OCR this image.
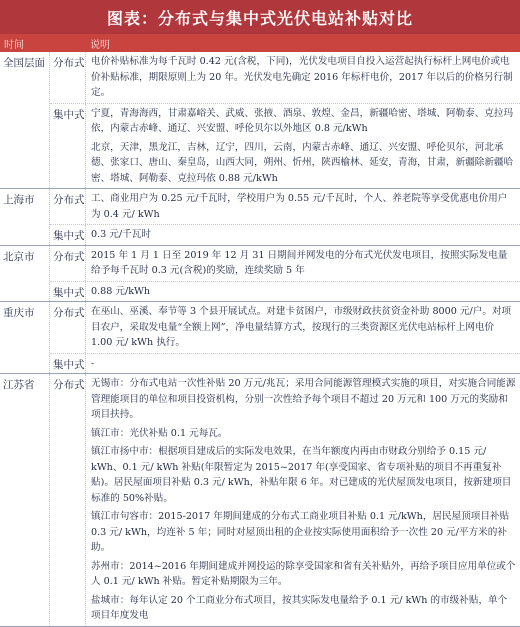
图表：分布式与集中式光伏电站补贴对比
时间	说明
全国层面 分布式 电价补贴标准为每千瓦时 0.42 元(含税，下同)，光伏发电项目自投入运营起执行标杆上网电价或电价补贴标准，期限原则上为 20 年。光伏发电先确定 2016 年标杆电价，2017 年以后的价格另行制定。

集中式 宁夏，青海海西，甘肃嘉峪关、武威、张掖、酒泉、敦煌、金昌，新疆哈密、塔城、阿勒泰、克拉玛依，内蒙古赤峰、通辽、兴安盟、呼伦贝尔以外地区 0.8 元/kWh

北京，天津，黑龙江，吉林，辽宁，四川，云南，内蒙古赤峰、通辽、兴安盟、呼伦贝尔，河北承德、张家口、唐山、秦皇岛，山西大同，朔州、忻州，陕西榆林、延安，青海，甘肃，新疆除新疆哈密、塔城、阿勒泰、克拉玛依 0.88 元/kWh

上海市	分布式 工、商业用户为 0.25 元/千瓦时，学校用户为 0.55 元/千瓦时，个人、养老院等享受优惠电价用户为 0.4 元/ kWh

集中式 0.3 元/千瓦时

北京市	分布式 2015 年 1 月 1 日至 2019 年 12 月 31 日期间并网发电的分布式光伏发电项目，按照实际发电量给予每千瓦时 0.3 元(含税)的奖励，连续奖励 5 年

集中式 0.88 元/kWh

重庆市	分布式 在巫山、巫溪、奉节等 3 个县开展试点。对建卡贫困户，市级财政扶贫资金补助 8000 元/户。对项目农户，采取发电量“全额上网”，净电量结算方式，按现行的三类资源区光伏电站标杆上网电价 1.00 元/ kWh 执行。

集中式 -

江苏省	分布式 无锡市：分布式电站一次性补贴 20 万元/兆瓦；采用合同能源管理模式实施的项目，对实施合同能源管理能项目的单位和项目投资机构，分别一次性给予每个项目不超过 20 万元和 100 万元的奖励和项目扶持。

镇江市：光伏补贴 0.1 元每瓦。

镇江市扬中市：根据项目建成后的实际发电效果，在当年额度内再由市财政分别给予 0.15 元/ kWh、0.1 元/ kWh 补贴(年限暂定为 2015~2017 年(享受国家、省专项补贴的项目不再重复补贴)。居民屋面项目补贴 0.3 元/ kWh，补贴年限 6 年。对已建成的光伏屋顶发电项目，按新建项目标准的 50%补贴。

镇江市句容市：2015-2017 年期间建成的分布式工商业项目补贴 0.1 元/kWh，居民屋顶项目补贴 0.3 元/ kWh，均连补 5 年；同时对屋顶出租的企业按实际使用面积给予一次性 20 元/平方米的补助。

苏州市：2014~2016 年期间建成并网投运的除享受国家和省有关补贴外，再给予项目应用单位或个人 0.1 元/ kWh 补贴。暂定补贴期限为三年。

盐城市：每年认定 20 个工商业分布式项目，按其实际发电量给予 0.1 元/ kWh 的市级补贴，单个项目年度发电
